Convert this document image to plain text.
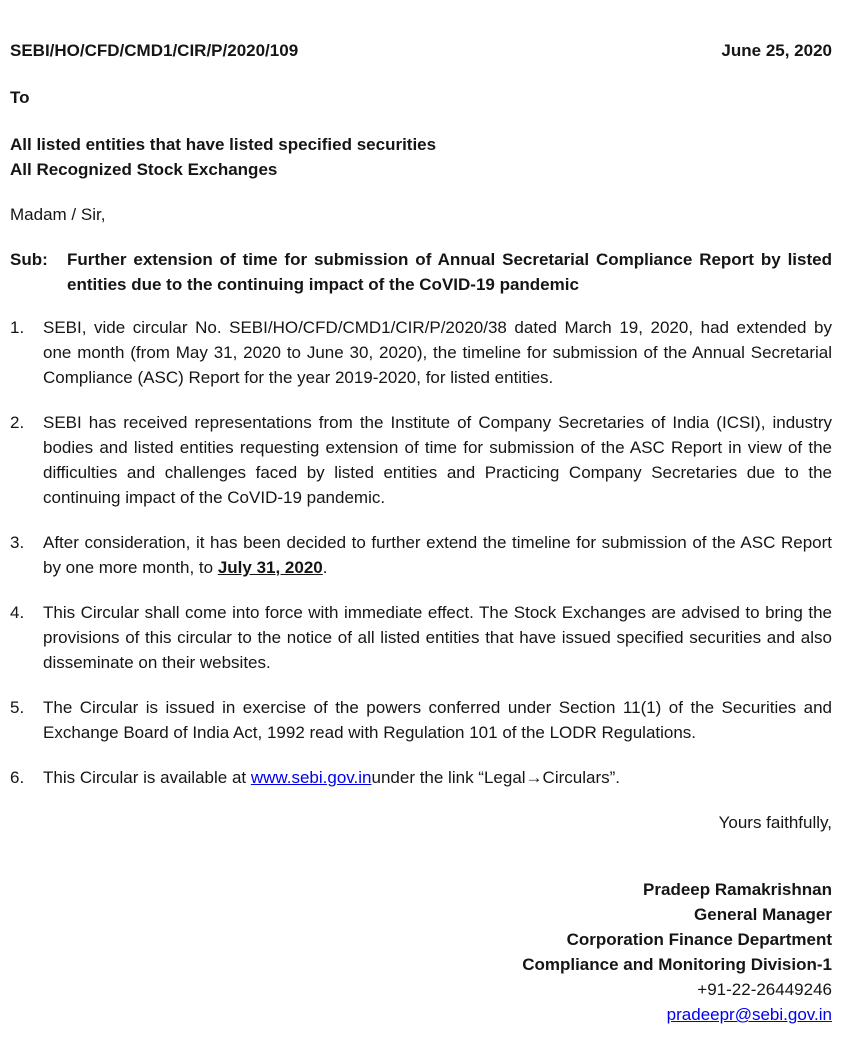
SEBI/HO/CFD/CMD1/CIR/P/2020/109	June 25, 2020
To
All listed entities that have listed specified securities
All Recognized Stock Exchanges
Madam / Sir,
Sub: Further extension of time for submission of Annual Secretarial Compliance Report by listed entities due to the continuing impact of the CoVID-19 pandemic
1. SEBI, vide circular No. SEBI/HO/CFD/CMD1/CIR/P/2020/38 dated March 19, 2020, had extended by one month (from May 31, 2020 to June 30, 2020), the timeline for submission of the Annual Secretarial Compliance (ASC) Report for the year 2019-2020, for listed entities.
2. SEBI has received representations from the Institute of Company Secretaries of India (ICSI), industry bodies and listed entities requesting extension of time for submission of the ASC Report in view of the difficulties and challenges faced by listed entities and Practicing Company Secretaries due to the continuing impact of the CoVID-19 pandemic.
3. After consideration, it has been decided to further extend the timeline for submission of the ASC Report by one more month, to July 31, 2020.
4. This Circular shall come into force with immediate effect. The Stock Exchanges are advised to bring the provisions of this circular to the notice of all listed entities that have issued specified securities and also disseminate on their websites.
5. The Circular is issued in exercise of the powers conferred under Section 11(1) of the Securities and Exchange Board of India Act, 1992 read with Regulation 101 of the LODR Regulations.
6. This Circular is available at www.sebi.gov.inunder the link “Legal→Circulars”.
Yours faithfully,
Pradeep Ramakrishnan
General Manager
Corporation Finance Department
Compliance and Monitoring Division-1
+91-22-26449246
pradeepr@sebi.gov.in
